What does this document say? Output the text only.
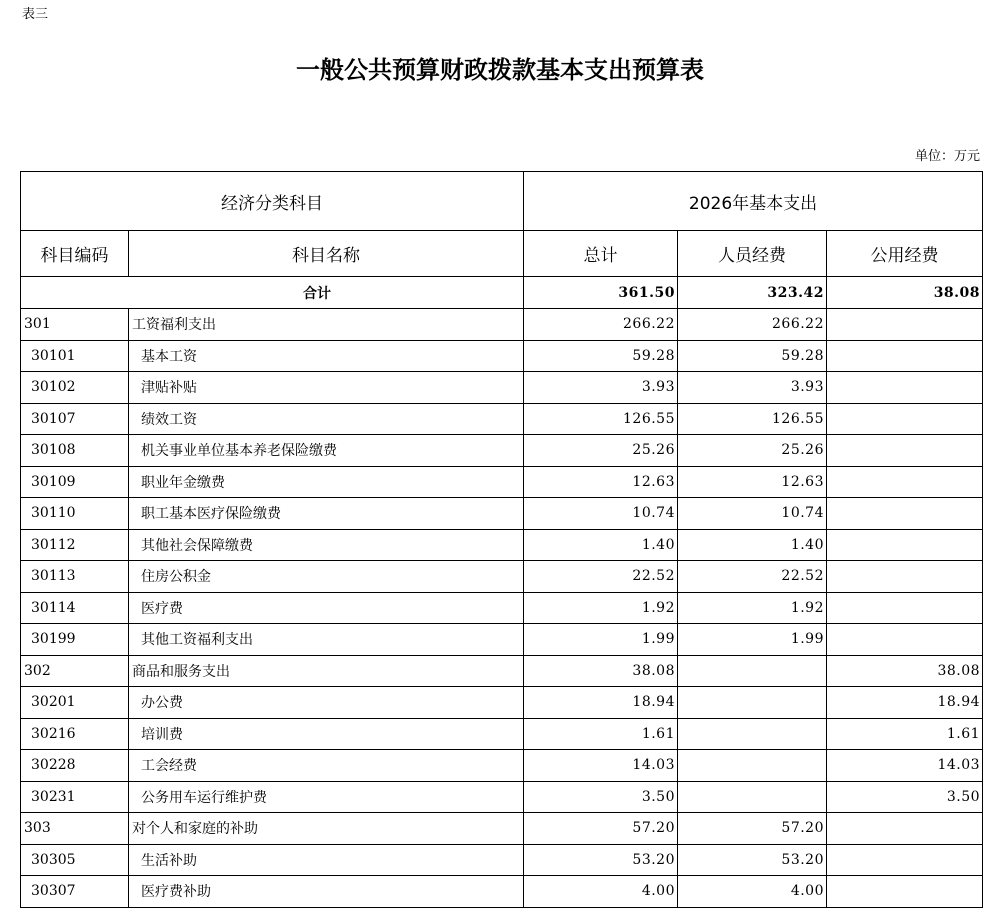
表三
一般公共预算财政拨款基本支出预算表
单位：万元
经济分类科目		2026年基本支出		
科目编码	科目名称	总计	人员经费	公用经费
合计		361.50	323.42	38.08
301	工资福利支出	266.22	266.22	
30101	基本工资	59.28	59.28	
30102	津贴补贴	3.93	3.93	
30107	绩效工资	126.55	126.55	
30108	机关事业单位基本养老保险缴费	25.26	25.26	
30109	职业年金缴费	12.63	12.63	
30110	职工基本医疗保险缴费	10.74	10.74	
30112	其他社会保障缴费	1.40	1.40	
30113	住房公积金	22.52	22.52	
30114	医疗费	1.92	1.92	
30199	其他工资福利支出	1.99	1.99	
302	商品和服务支出	38.08		38.08
30201	办公费	18.94		18.94
30216	培训费	1.61		1.61
30228	工会经费	14.03		14.03
30231	公务用车运行维护费	3.50		3.50
303	对个人和家庭的补助	57.20	57.20	
30305	生活补助	53.20	53.20	
30307	医疗费补助	4.00	4.00	
